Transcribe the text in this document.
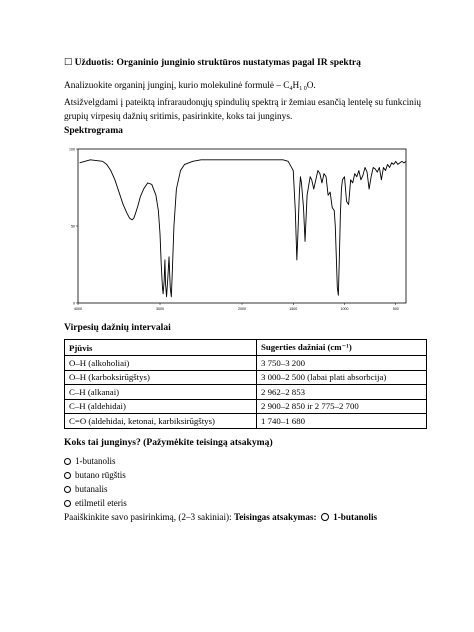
☐ Užduotis: Organinio junginio struktūros nustatymas pagal IR spektrą

Analizuokite organinį junginį, kurio molekulinė formulė – $C_4H_{1 0}O$.

Atsižvelgdami į pateiktą infraraudonųjų spindulių spektrą ir žemiau esančią lentelę su funkcinių grupių virpesių dažnių sritimis, pasirinkite, koks tai junginys.

Spektrograma
4000	3000	2000	1500	1000	500
100
50
0
Virpesių dažnių intervalai
Pjūvis	Sugerties dažniai (cm⁻¹)
O–H (alkoholiai)	3 750–3 200
O–H (karboksirūgštys)	3 000–2 500 (labai plati absorbcija)
C–H (alkanai)	2 962–2 853
C–H (aldehidai)	2 900–2 850 ir 2 775–2 700
C=O (aldehidai, ketonai, karbiksirūgštys)	1 740–1 680
Koks tai junginys? (Pažymėkite teisingą atsakymą)
1-butanolis
butano rūgštis
butanalis
etilmetil eteris
Paaiškinkite savo pasirinkimą, (2–3 sakiniai): Teisingas atsakymas: 1-butanolis
